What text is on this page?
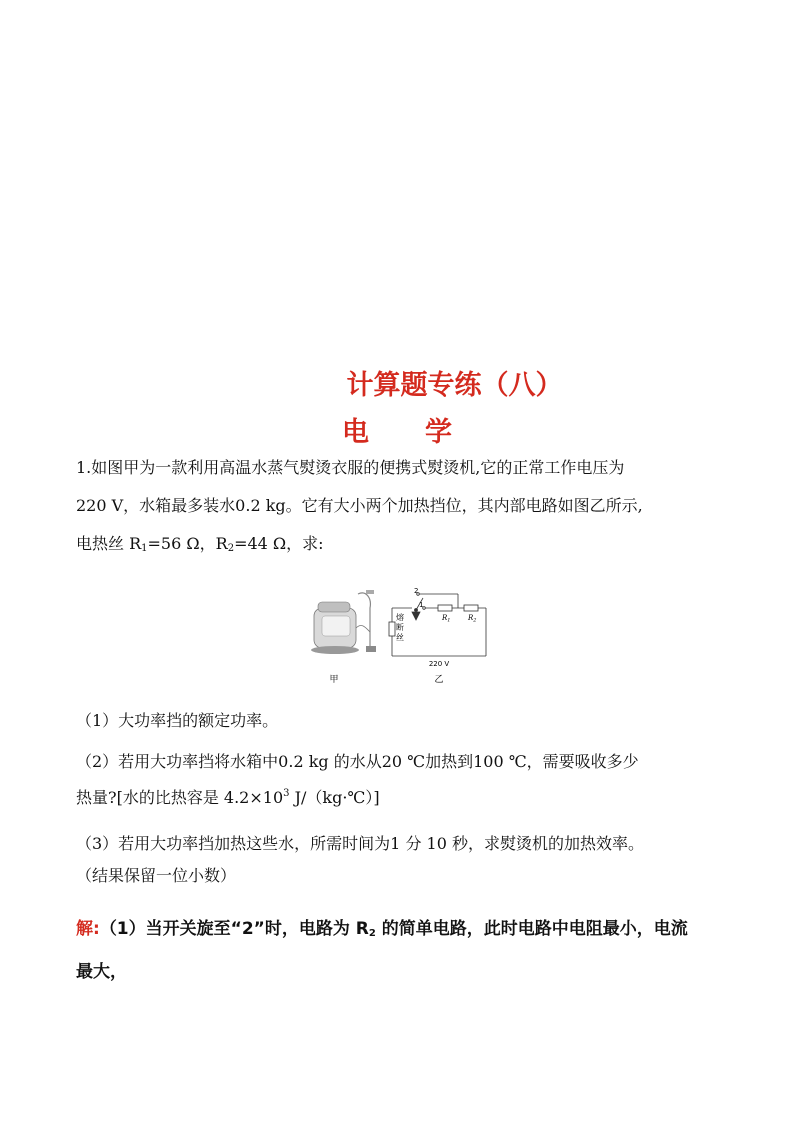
计算题专练（八）
电 学
1.如图甲为一款利用高温水蒸气熨烫衣服的便携式熨烫机,它的正常工作电压为
220 V，水箱最多装水0.2 kg。它有大小两个加热挡位，其内部电路如图乙所示,
电热丝 $R_1=56$ Ω，$R_2=44$ Ω，求:
甲
2
1
熔
断
丝
$R_1$	$R_2$
220 V
乙
（1）大功率挡的额定功率。
（2）若用大功率挡将水箱中0.2 kg 的水从20 ℃加热到100 ℃，需要吸收多少
热量?[水的比热容是 $4.2\times 10^3$ J/（kg·℃）]
（3）若用大功率挡加热这些水，所需时间为1 分 10 秒，求熨烫机的加热效率。
（结果保留一位小数）
解:（1）当开关旋至“2”时，电路为 $R_2$ 的简单电路，此时电路中电阻最小，电流
最大，
